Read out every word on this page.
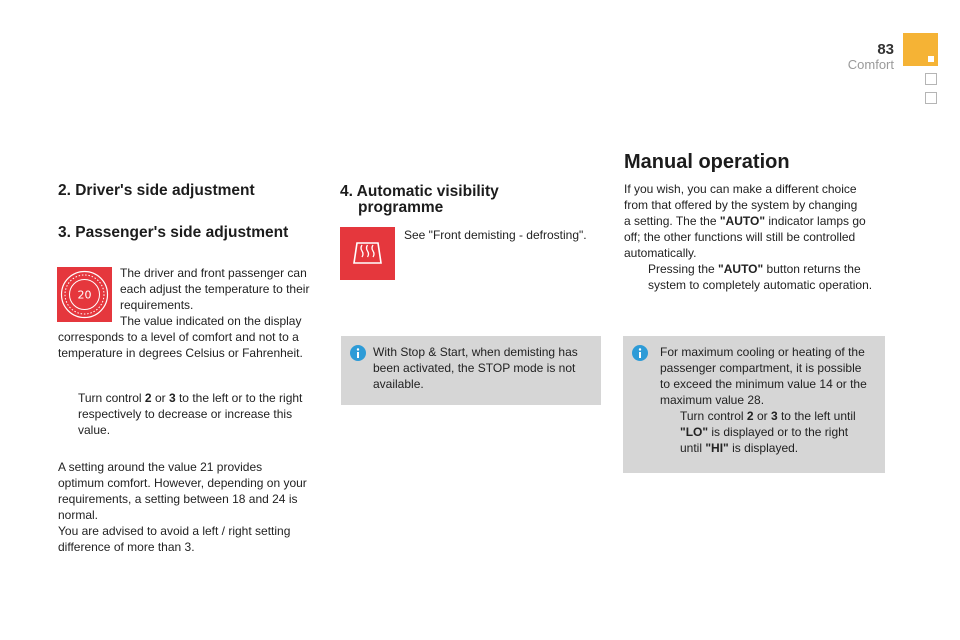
83
Comfort
2. Driver's side adjustment
3. Passenger's side adjustment
20

The driver and front passenger can

each adjust the temperature to their

requirements.

The value indicated on the display

corresponds to a level of comfort and not to a

temperature in degrees Celsius or Fahrenheit.

Turn control 2 or 3 to the left or to the right

respectively to decrease or increase this

value.

A setting around the value 21 provides

optimum comfort. However, depending on your

requirements, a setting between 18 and 24 is

normal.

You are advised to avoid a left / right setting

difference of more than 3.

4. Automatic visibility
programme
See "Front demisting - defrosting".

With Stop & Start, when demisting has

been activated, the STOP mode is not

available.

Manual operation

If you wish, you can make a different choice

from that offered by the system by changing

a setting. The the "AUTO" indicator lamps go

off; the other functions will still be controlled

automatically.

Pressing the "AUTO" button returns the

system to completely automatic operation.

For maximum cooling or heating of the

passenger compartment, it is possible

to exceed the minimum value 14 or the

maximum value 28.

Turn control 2 or 3 to the left until

"LO" is displayed or to the right

until "HI" is displayed.
